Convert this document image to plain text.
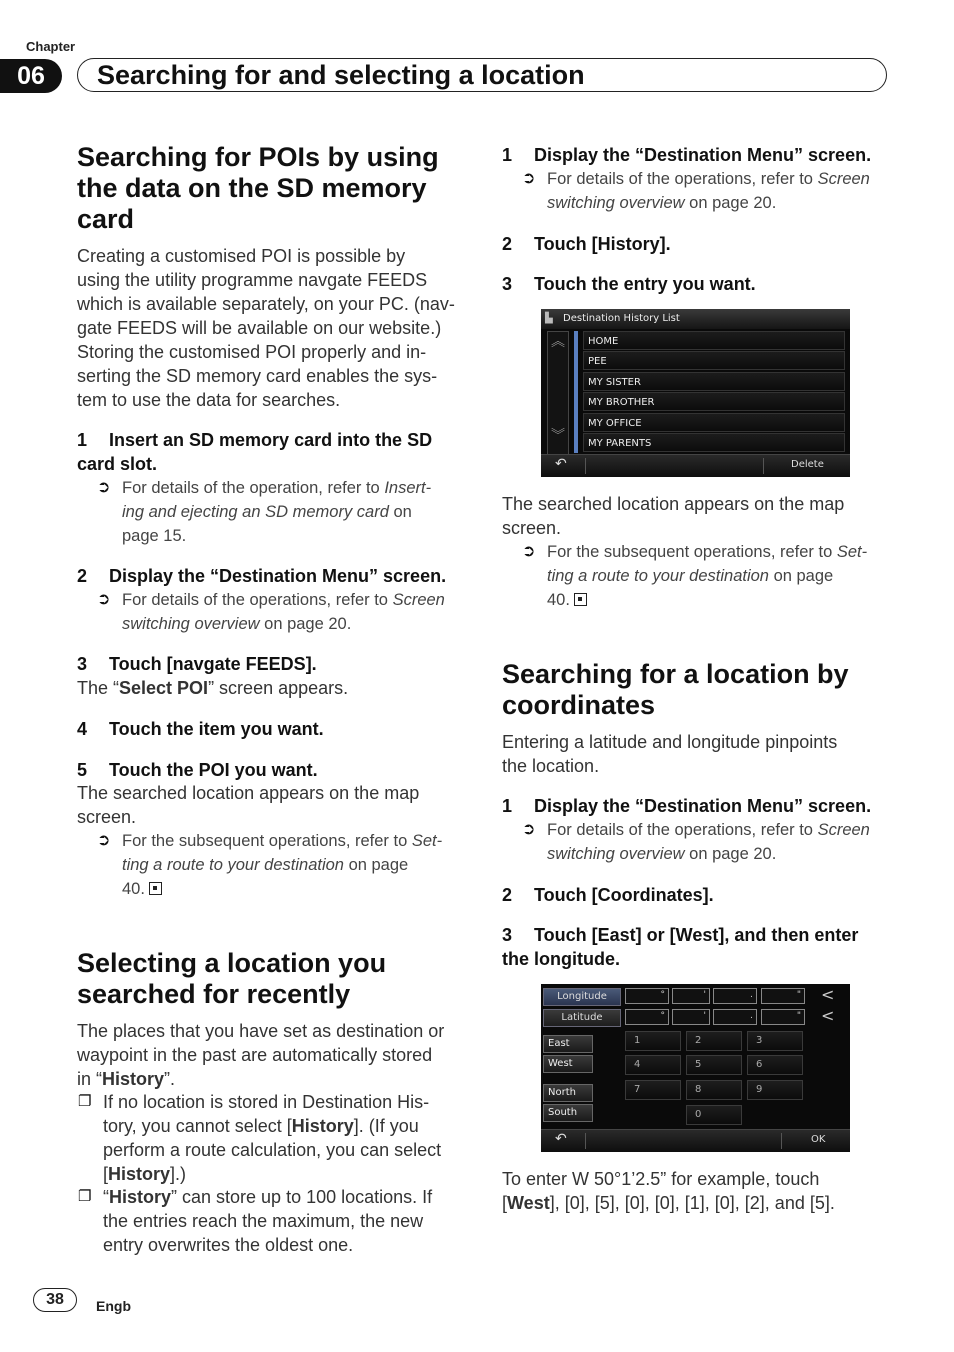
Chapter
06	Searching for and selecting a location
Searching for POIs by using
the data on the SD memory
card
Creating a customised POI is possible by
using the utility programme navgate FEEDS
which is available separately, on your PC. (nav-
gate FEEDS will be available on our website.)
Storing the customised POI properly and in-
serting the SD memory card enables the sys-
tem to use the data for searches.
1 Insert an SD memory card into the SD
card slot.
➲ For details of the operation, refer to Insert-
ing and ejecting an SD memory card on
page 15.
2 Display the “Destination Menu” screen.
➲ For details of the operations, refer to Screen
switching overview on page 20.
3 Touch [navgate FEEDS].
The “Select POI” screen appears.
4 Touch the item you want.
5 Touch the POI you want.
The searched location appears on the map
screen.
➲ For the subsequent operations, refer to Set-
ting a route to your destination on page
40.
Selecting a location you
searched for recently
The places that you have set as destination or
waypoint in the past are automatically stored
in “History”.
❐ If no location is stored in Destination His-
tory, you cannot select [History]. (If you
perform a route calculation, you can select
[History].)
❐ “History” can store up to 100 locations. If
the entries reach the maximum, the new
entry overwrites the oldest one.
1 Display the “Destination Menu” screen.
➲ For details of the operations, refer to Screen
switching overview on page 20.
2 Touch [History].
3 Touch the entry you want.
Destination History List
▙
︽
︾
HOME
PEE
MY SISTER
MY BROTHER
MY OFFICE
MY PARENTS
↶	Delete
The searched location appears on the map
screen.
➲ For the subsequent operations, refer to Set-
ting a route to your destination on page
40.
Searching for a location by
coordinates
Entering a latitude and longitude pinpoints
the location.
1 Display the “Destination Menu” screen.
➲ For details of the operations, refer to Screen
switching overview on page 20.
2 Touch [Coordinates].
3 Touch [East] or [West], and then enter
the longitude.
Longitude
Latitude
°	'	.	" <
°	'	.	" <
East
West
North
South
1	2	3
4	5	6
7	8	9
0
↶	OK
To enter W 50°1’2.5” for example, touch
[West], [0], [5], [0], [0], [1], [0], [2], and [5].
38	Engb
